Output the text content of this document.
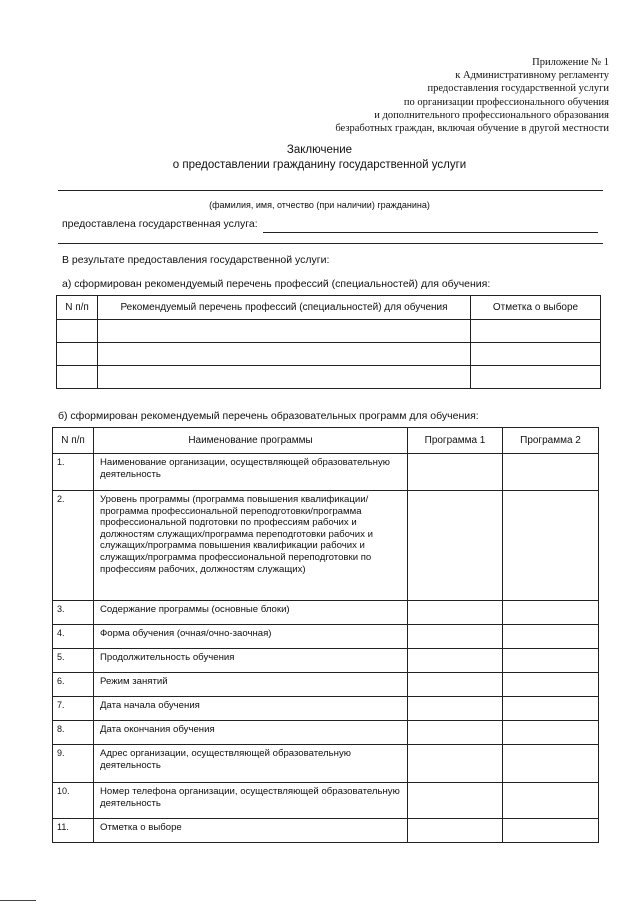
Приложение № 1
к Административному регламенту
предоставления государственной услуги
по организации профессионального обучения
и дополнительного профессионального образования
безработных граждан, включая обучение в другой местности
Заключение
о предоставлении гражданину государственной услуги
(фамилия, имя, отчество (при наличии) гражданина)
предоставлена государственная услуга:
В результате предоставления государственной услуги:
а) сформирован рекомендуемый перечень профессий (специальностей) для обучения:
N п/п	Рекомендуемый перечень профессий (специальностей) для обучения	Отметка о выборе

б) сформирован рекомендуемый перечень образовательных программ для обучения:
N п/п	Наименование программы	Программа 1	Программа 2
1.	Наименование организации, осуществляющей образовательную деятельность		
2.	Уровень программы (программа повышения квалификации/программа профессиональной переподготовки/программа профессиональной подготовки по профессиям рабочих и должностям служащих/программа переподготовки рабочих и служащих/программа повышения квалификации рабочих и служащих/программа профессиональной переподготовки по профессиям рабочих, должностям служащих)		
3.	Содержание программы (основные блоки)		
4.	Форма обучения (очная/очно-заочная)		
5.	Продолжительность обучения		
6.	Режим занятий		
7.	Дата начала обучения		
8.	Дата окончания обучения		
9.	Адрес организации, осуществляющей образовательную деятельность		
10.	Номер телефона организации, осуществляющей образовательную деятельность		
11.	Отметка о выборе		
